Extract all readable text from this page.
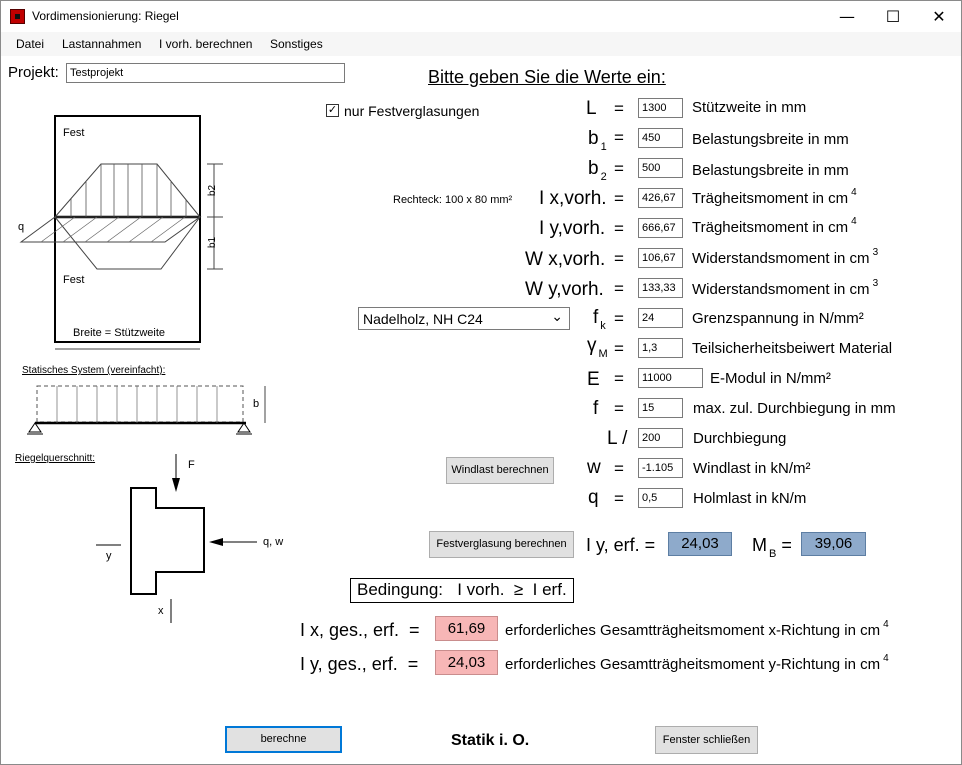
Vordimensionierung: Riegel	—	☐	✕
Datei Lastannahmen I vorh. berechnen Sonstiges
Projekt:	Testprojekt	Bitte geben Sie die Werte ein:
b2
b1
Fest
Fest
q
Breite = Stützweite
Statisches System (vereinfacht):
b
Riegelquerschnitt:
F
q, w
y
x
✓ nur Festverglasungen
Rechteck: 100 x 80 mm²
Nadelholz, NH C24	⌄
L =	1300	Stützweite in mm
b $_1$ =	450	Belastungsbreite in mm
b $_2$ =	500	Belastungsbreite in mm
I x,vorh. =	426,67	Trägheitsmoment in cm $^4$
I y,vorh. =	666,67	Trägheitsmoment in cm $^4$
W x,vorh. =	106,67	Widerstandsmoment in cm $^3$
W y,vorh. =	133,33	Widerstandsmoment in cm $^3$
f $_k$ =	24	Grenzspannung in N/mm²
γ $_M$ =	1,3	Teilsicherheitsbeiwert Material
E =	11000	E-Modul in N/mm²
f =	15	max. zul. Durchbiegung in mm
L /	200	Durchbiegung
w =	-1.105	Windlast in kN/m²
q =	0,5	Holmlast in kN/m
Windlast berechnen
Festverglasung berechnen	I y, erf. =	24,03	M $_B$ =	39,06
Bedingung:   I vorh.  ≥  I erf.
I x, ges., erf.  =	61,69	erforderliches Gesamtträgheitsmoment x-Richtung in cm $^4$
I y, ges., erf.  =	24,03	erforderliches Gesamtträgheitsmoment y-Richtung in cm $^4$
berechne	Statik i. O.	Fenster schließen
